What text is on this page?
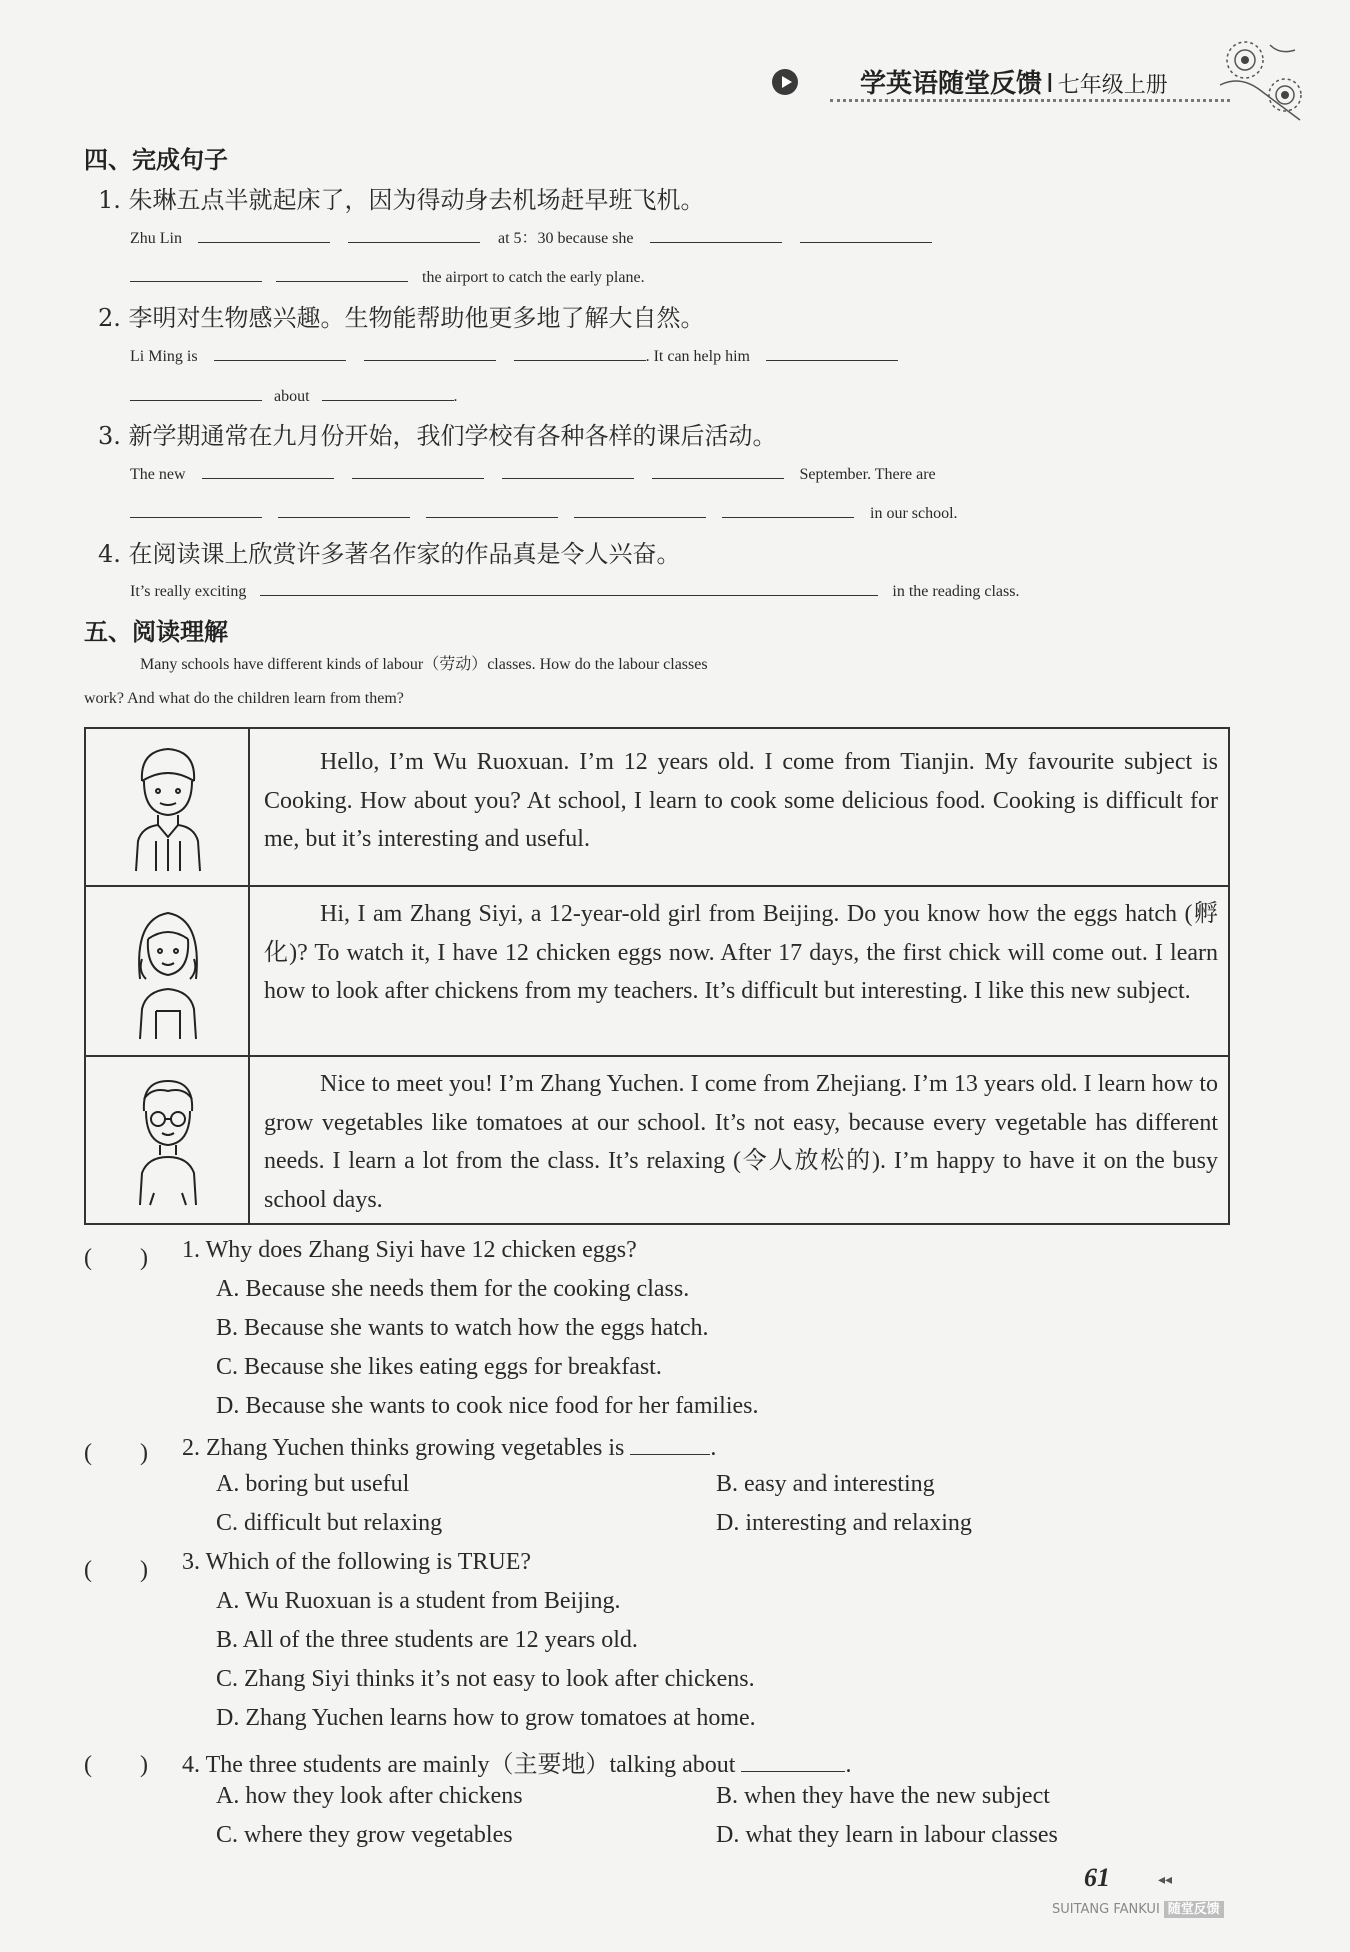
学英语随堂反馈 I 七年级上册
四、完成句子
1. 朱琳五点半就起床了，因为得动身去机场赶早班飞机。
Zhu Lin	at 5：30 because she
the airport to catch the early plane.
2. 李明对生物感兴趣。生物能帮助他更多地了解大自然。
Li Ming is	. It can help him
about	.
3. 新学期通常在九月份开始，我们学校有各种各样的课后活动。
The new	September. There are
in our school.
4. 在阅读课上欣赏许多著名作家的作品真是令人兴奋。
It’s really exciting	in the reading class.
五、阅读理解
Many schools have different kinds of labour（劳动）classes. How do the labour classes
work? And what do the children learn from them?
Hello, I’m Wu Ruoxuan. I’m 12 years old. I come from Tianjin. My favourite subject is Cooking. How about you? At school, I learn to cook some delicious food. Cooking is difficult for me, but it’s interesting and useful.
Hi, I am Zhang Siyi, a 12-year-old girl from Beijing. Do you know how the eggs hatch (孵化)? To watch it, I have 12 chicken eggs now. After 17 days, the first chick will come out. I learn how to look after chickens from my teachers. It’s difficult but interesting. I like this new subject.
Nice to meet you! I’m Zhang Yuchen. I come from Zhejiang. I’m 13 years old. I learn how to grow vegetables like tomatoes at our school. It’s not easy, because every vegetable has different needs. I learn a lot from the class. It’s relaxing (令人放松的). I’m happy to have it on the busy school days.
(　　) 1. Why does Zhang Siyi have 12 chicken eggs?
A. Because she needs them for the cooking class.
B. Because she wants to watch how the eggs hatch.
C. Because she likes eating eggs for breakfast.
D. Because she wants to cook nice food for her families.
(　　) 2. Zhang Yuchen thinks growing vegetables is	.
A. boring but useful	B. easy and interesting
C. difficult but relaxing	D. interesting and relaxing
(　　) 3. Which of the following is TRUE?
A. Wu Ruoxuan is a student from Beijing.
B. All of the three students are 12 years old.
C. Zhang Siyi thinks it’s not easy to look after chickens.
D. Zhang Yuchen learns how to grow tomatoes at home.
(　　) 4. The three students are mainly（主要地）talking about	.
A. how they look after chickens	B. when they have the new subject
C. where they grow vegetables	D. what they learn in labour classes
61	◂◂
SUITANG FANKUI 随堂反馈
